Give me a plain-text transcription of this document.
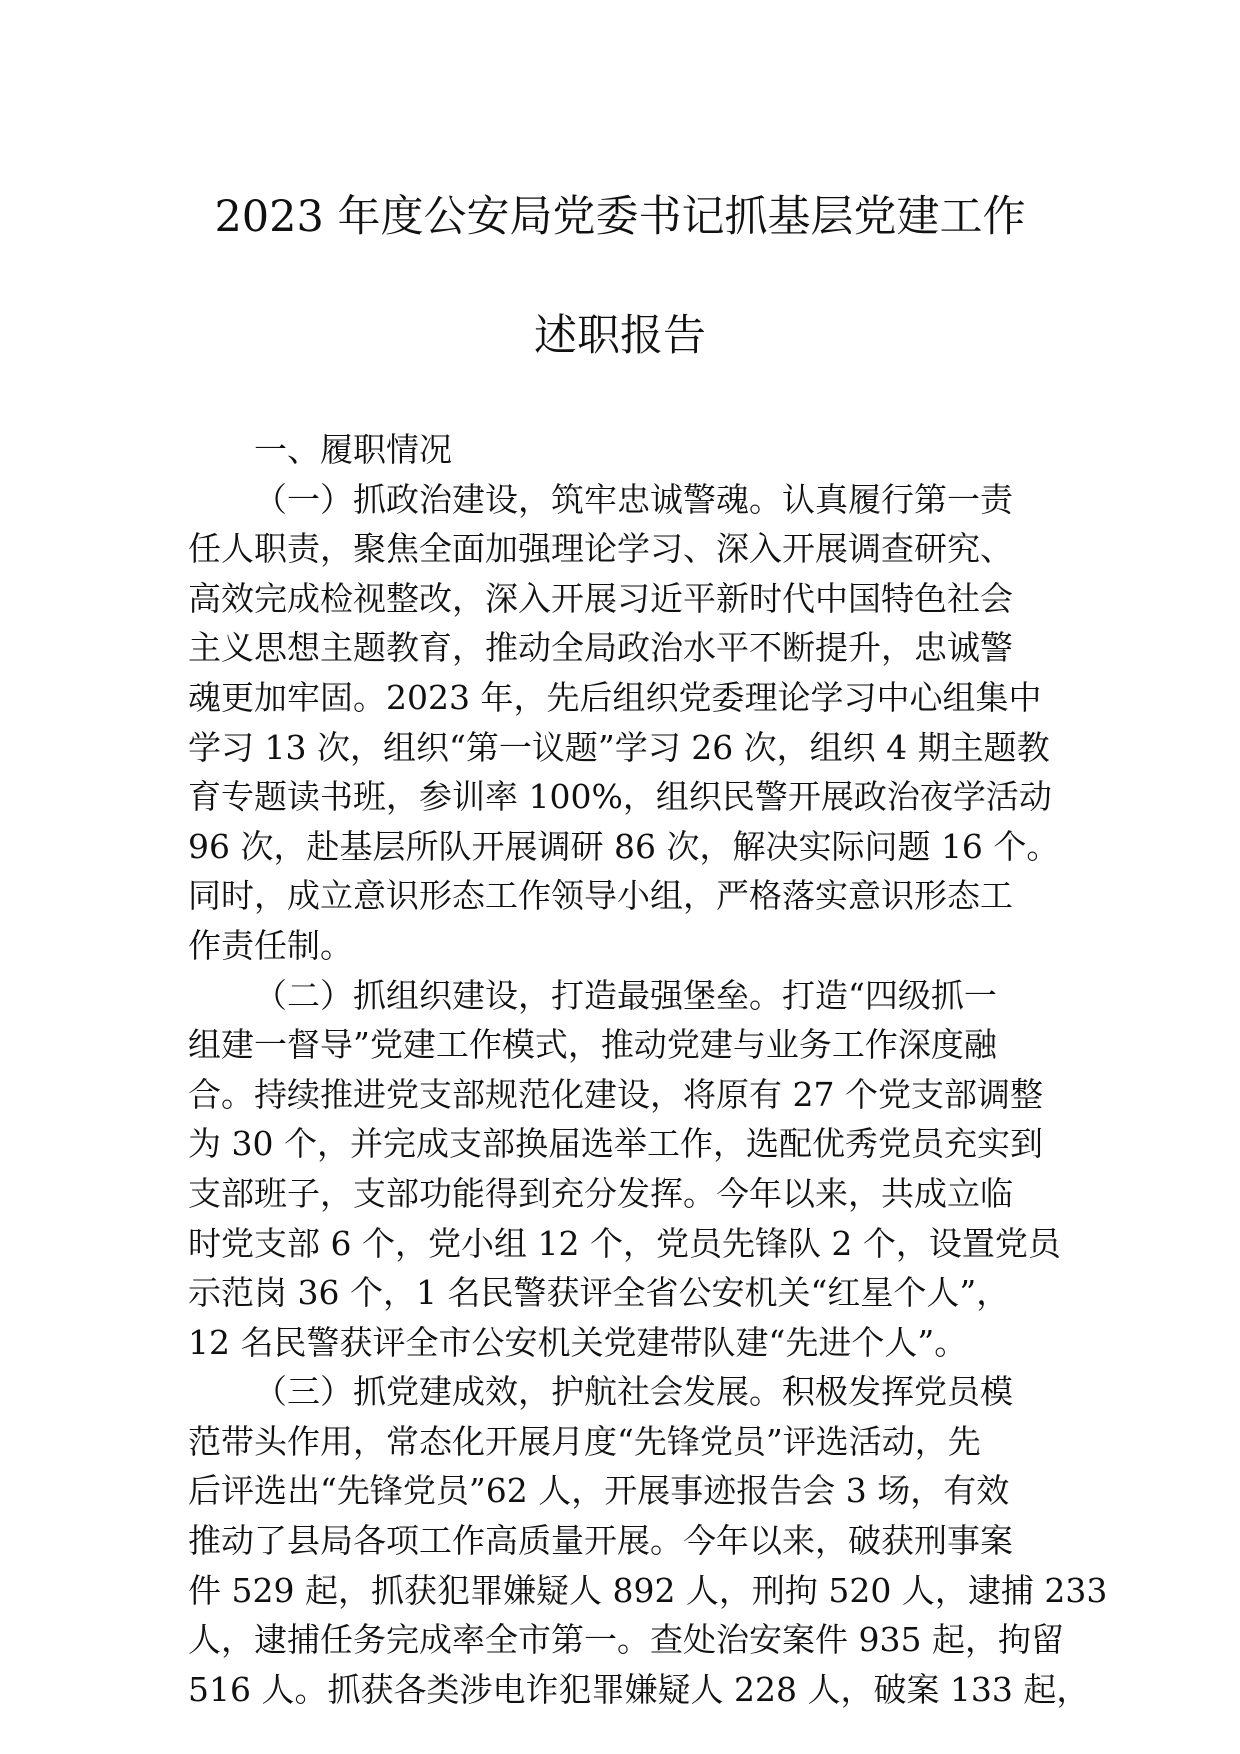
2023 年度公安局党委书记抓基层党建工作
述职报告
一、履职情况
（一）抓政治建设，筑牢忠诚警魂。认真履行第一责
任人职责，聚焦全面加强理论学习、深入开展调查研究、
高效完成检视整改，深入开展习近平新时代中国特色社会
主义思想主题教育，推动全局政治水平不断提升，忠诚警
魂更加牢固。2023 年，先后组织党委理论学习中心组集中
学习 13 次，组织“第一议题”学习 26 次，组织 4 期主题教
育专题读书班，参训率 100%，组织民警开展政治夜学活动
96 次，赴基层所队开展调研 86 次，解决实际问题 16 个。
同时，成立意识形态工作领导小组，严格落实意识形态工
作责任制。
（二）抓组织建设，打造最强堡垒。打造“四级抓一
组建一督导”党建工作模式，推动党建与业务工作深度融
合。持续推进党支部规范化建设，将原有 27 个党支部调整
为 30 个，并完成支部换届选举工作，选配优秀党员充实到
支部班子，支部功能得到充分发挥。今年以来，共成立临
时党支部 6 个，党小组 12 个，党员先锋队 2 个，设置党员
示范岗 36 个，1 名民警获评全省公安机关“红星个人”，
12 名民警获评全市公安机关党建带队建“先进个人”。
（三）抓党建成效，护航社会发展。积极发挥党员模
范带头作用，常态化开展月度“先锋党员”评选活动，先
后评选出“先锋党员”62 人，开展事迹报告会 3 场，有效
推动了县局各项工作高质量开展。今年以来，破获刑事案
件 529 起，抓获犯罪嫌疑人 892 人，刑拘 520 人，逮捕 233
人，逮捕任务完成率全市第一。查处治安案件 935 起，拘留
516 人。抓获各类涉电诈犯罪嫌疑人 228 人，破案 133 起，
